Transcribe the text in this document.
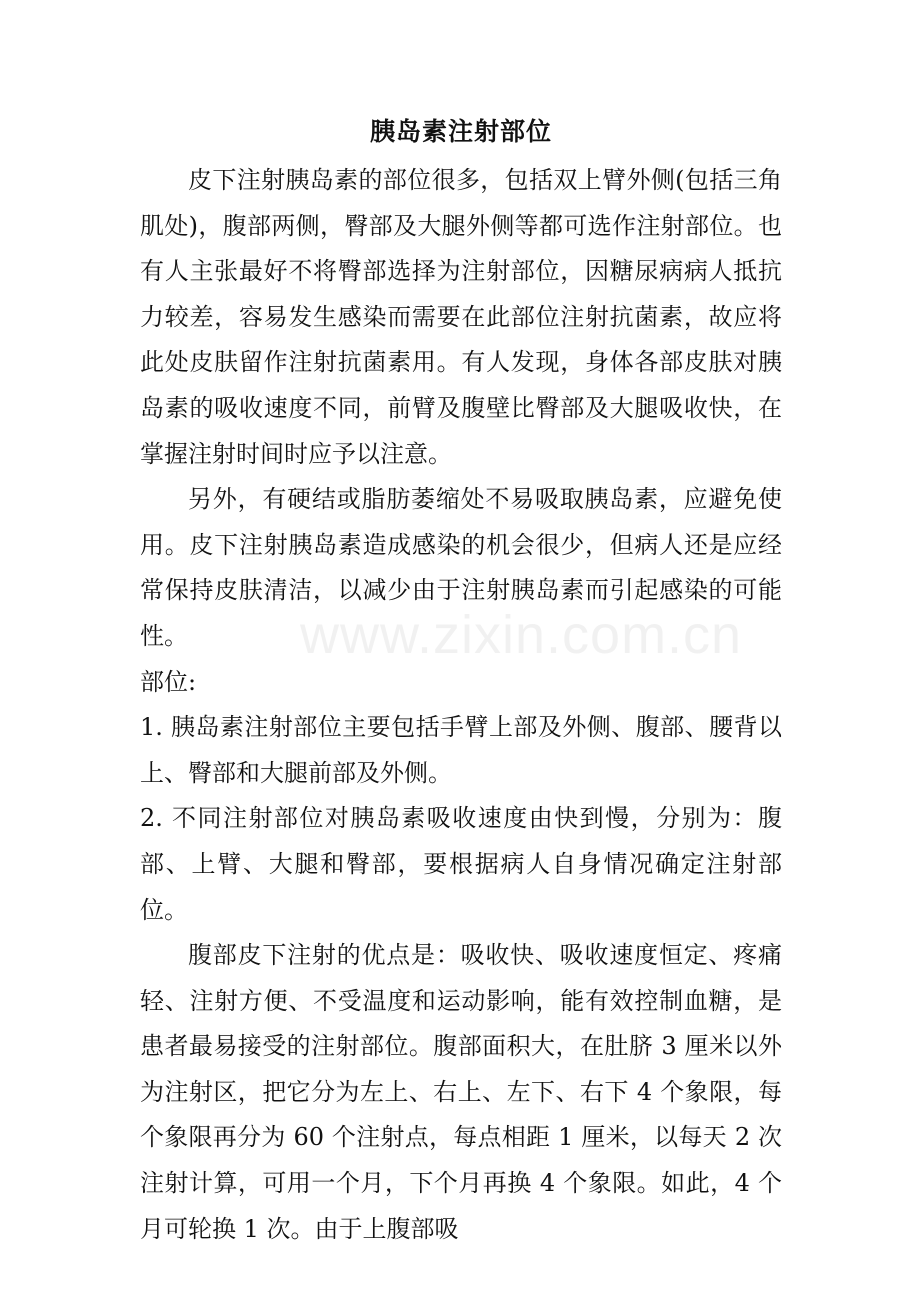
胰岛素注射部位

皮下注射胰岛素的部位很多，包括双上臂外侧(包括三角肌处)，腹部两侧，臀部及大腿外侧等都可选作注射部位。也有人主张最好不将臀部选择为注射部位，因糖尿病病人抵抗力较差，容易发生感染而需要在此部位注射抗菌素，故应将此处皮肤留作注射抗菌素用。有人发现，身体各部皮肤对胰岛素的吸收速度不同，前臂及腹壁比臀部及大腿吸收快，在掌握注射时间时应予以注意。

另外，有硬结或脂肪萎缩处不易吸取胰岛素，应避免使用。皮下注射胰岛素造成感染的机会很少，但病人还是应经常保持皮肤清洁，以减少由于注射胰岛素而引起感染的可能性。

部位:

1. 胰岛素注射部位主要包括手臂上部及外侧、腹部、腰背以上、臀部和大腿前部及外侧。

2. 不同注射部位对胰岛素吸收速度由快到慢，分别为：腹部、上臂、大腿和臀部，要根据病人自身情况确定注射部位。

腹部皮下注射的优点是：吸收快、吸收速度恒定、疼痛轻、注射方便、不受温度和运动影响，能有效控制血糖，是患者最易接受的注射部位。腹部面积大，在肚脐 3 厘米以外为注射区，把它分为左上、右上、左下、右下 4 个象限，每个象限再分为 60 个注射点，每点相距 1 厘米，以每天 2 次注射计算，可用一个月，下个月再换 4 个象限。如此，4 个月可轮换 1 次。由于上腹部吸

www.zixin.com.cn
